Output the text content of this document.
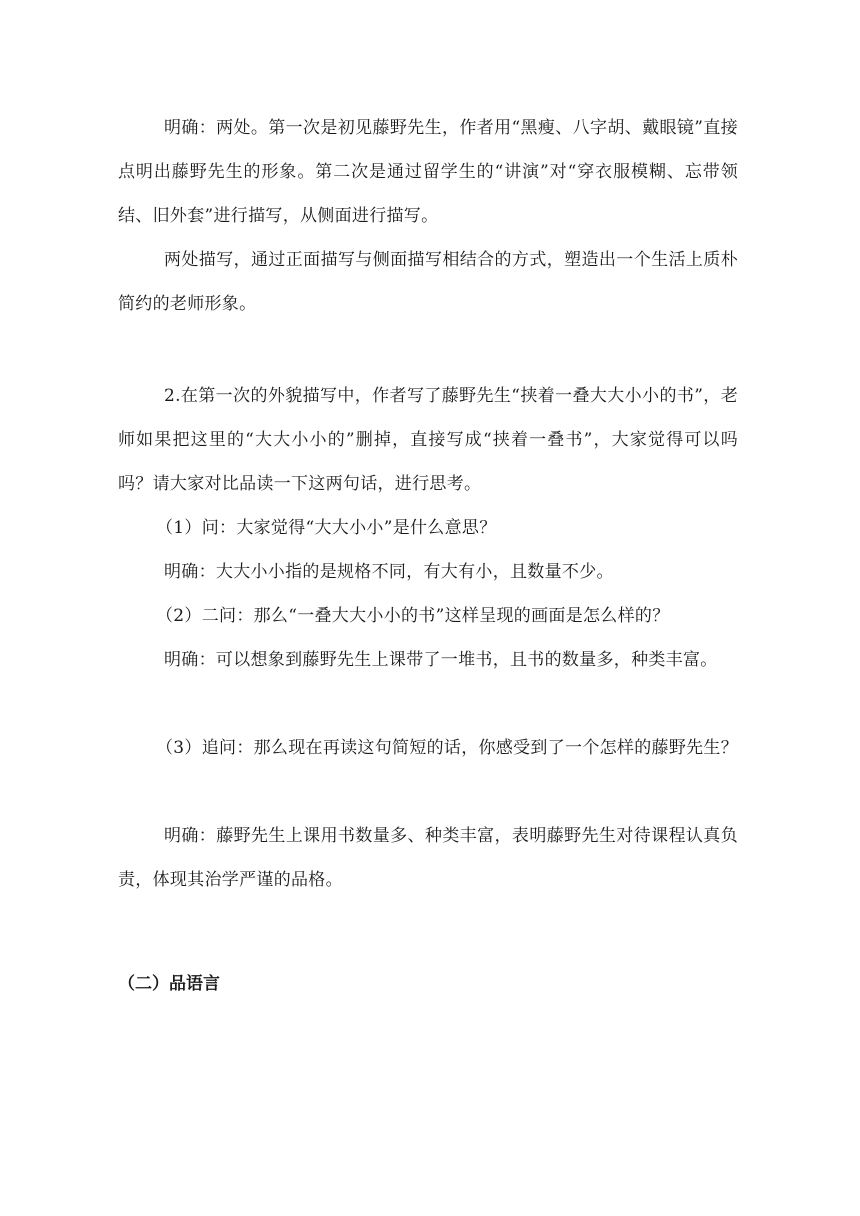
明确：两处。第一次是初见藤野先生，作者用“黑瘦、八字胡、戴眼镜”直接点明出藤野先生的形象。第二次是通过留学生的“讲演”对“穿衣服模糊、忘带领结、旧外套”进行描写，从侧面进行描写。

两处描写，通过正面描写与侧面描写相结合的方式，塑造出一个生活上质朴简约的老师形象。

2.在第一次的外貌描写中，作者写了藤野先生“挟着一叠大大小小的书”，老师如果把这里的“大大小小的”删掉，直接写成“挟着一叠书”，大家觉得可以吗吗？请大家对比品读一下这两句话，进行思考。

（1）问：大家觉得“大大小小”是什么意思？

明确：大大小小指的是规格不同，有大有小，且数量不少。

（2）二问：那么“一叠大大小小的书”这样呈现的画面是怎么样的？

明确：可以想象到藤野先生上课带了一堆书，且书的数量多，种类丰富。

（3）追问：那么现在再读这句简短的话，你感受到了一个怎样的藤野先生？

明确：藤野先生上课用书数量多、种类丰富，表明藤野先生对待课程认真负责，体现其治学严谨的品格。

（二）品语言
